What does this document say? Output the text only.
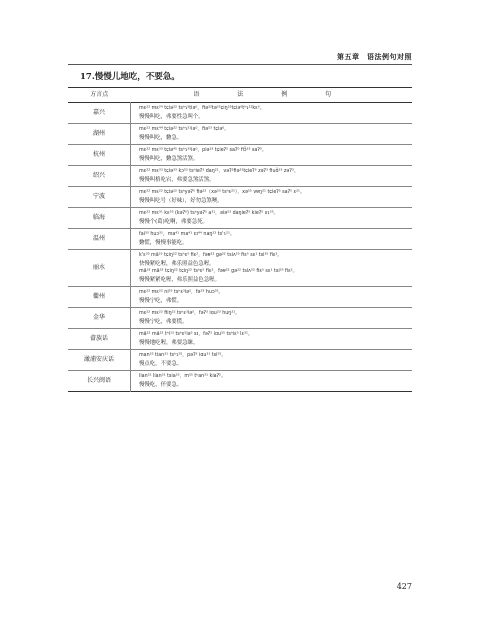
第五章　语法例句对照
17.慢慢儿地吃，不要急。
方言点	语 法 例 句
嘉兴	mɛ²² mɛ²⁴ tɕiə²² tsʰɿ⁵tiə⁰，fiə²²tə⁵⁵ɕiŋ⁵³tɕiə⁰tʰɿ²²kɛ⁰。
慢慢叫吃，弗要性急叫个。

湖州	mɛ²² mɛ⁴⁴ tɕiə²² tsʰɿ³¹iə⁰，fiə⁵³ tɕiə⁰。
慢慢叫吃，覅急。

杭州	mɛ²² mɛ³³ tɕiə⁴⁵ tsʰɿ³⁵iə⁰，piə³³ tɕieʔ⁵ saʔ⁰ fiɔ̃³³ saʔ⁰。
慢慢叫吃，覅急煞活煞。

绍兴	mɛ²² mɛ³³ tɕiə³³ kɔ⁵³ tsʰieʔ³ daŋ²¹，vəʔ²fiə³¹tɕieʔ³ zəʔ³ fiuɑ̃³³ zəʔ³。
慢慢叫格吃宕，弗要急煞活煞。

宁波	mɛ²² mɛ²² tɕiə²² tsʰyəʔ⁵ fiə²²（xə⁵³ tsʰɛ²¹），xə⁵⁵ vɐŋ²¹ tɕieʔ⁵ saʔ⁵ ɛ²¹。
慢慢叫吃号（好味），好勿急煞噢。

临海	mɛ²² mɛ³¹ kɛ⁵⁵ (kəʔ⁰) tsʰyəʔ⁵ a³¹，əiə⁵³ daŋieʔ⁵ kieʔ⁵ sɿ⁵⁵。
慢慢个(葛)吃啊，弗要急死。

温州	fai³³ huɔ³¹，ma⁴¹ ma⁴¹ ɛɪ⁴⁴ naŋ²² ts'ɿ²¹。
覅慌，慢慢事能吃。

丽水	k'ɛ³³ mā³³ tɕiŋ²² tsʰɛ⁵ fiɛ²，fəɐ²² gə²² tsiʌ⁵⁵ fiɛ⁵ sɛ¹ tsi³⁵ fiɛ²。
快慢紧吃喔，弗乐照益色急喔。
mā³³ mā³³ tɕiŋ²² tɕiŋ²² tsʰɛ⁵ fiɛ²，fəɐ²² gə²² tsiʌ⁵⁵ fiɛ⁵ sɛ¹ tsi³⁵ fiɛ²。
慢慢紧紧吃喔，弗乐照益色急喔。

衢州	mɛ²² mɛ²² ni⁵⁵ tsʰɛ³iə⁵，fə³³ huɔ³⁵。
慢慢宁吃，弗慌。

金华	mɛ²² mɛ²² fiiŋ²² tsʰɛ³iə⁵，fəʔ³ iɑu²³ huŋ²¹。
慢慢宁吃，弗要慌。

畲族话	mā²² mā²² tʰi¹³ tsʰɛ⁵iə⁵ sɪ，fəʔ⁵ iɑu⁵⁵ tsʰiɛ⁵ lɛ³¹。
慢慢地吃喔，弗要急睐。

澉浦安庆话	man³⁵ tian³¹ tsʰɿ⁵⁵，pəʔ³ iɑu³¹ tsi⁵⁵。
慢点吃，不要急。

长兴闽语	lian³¹ lian³¹ tsia³³，m⁵⁵ tʰan³¹ kiaʔ⁵。
慢慢吃，伓要急。
427
